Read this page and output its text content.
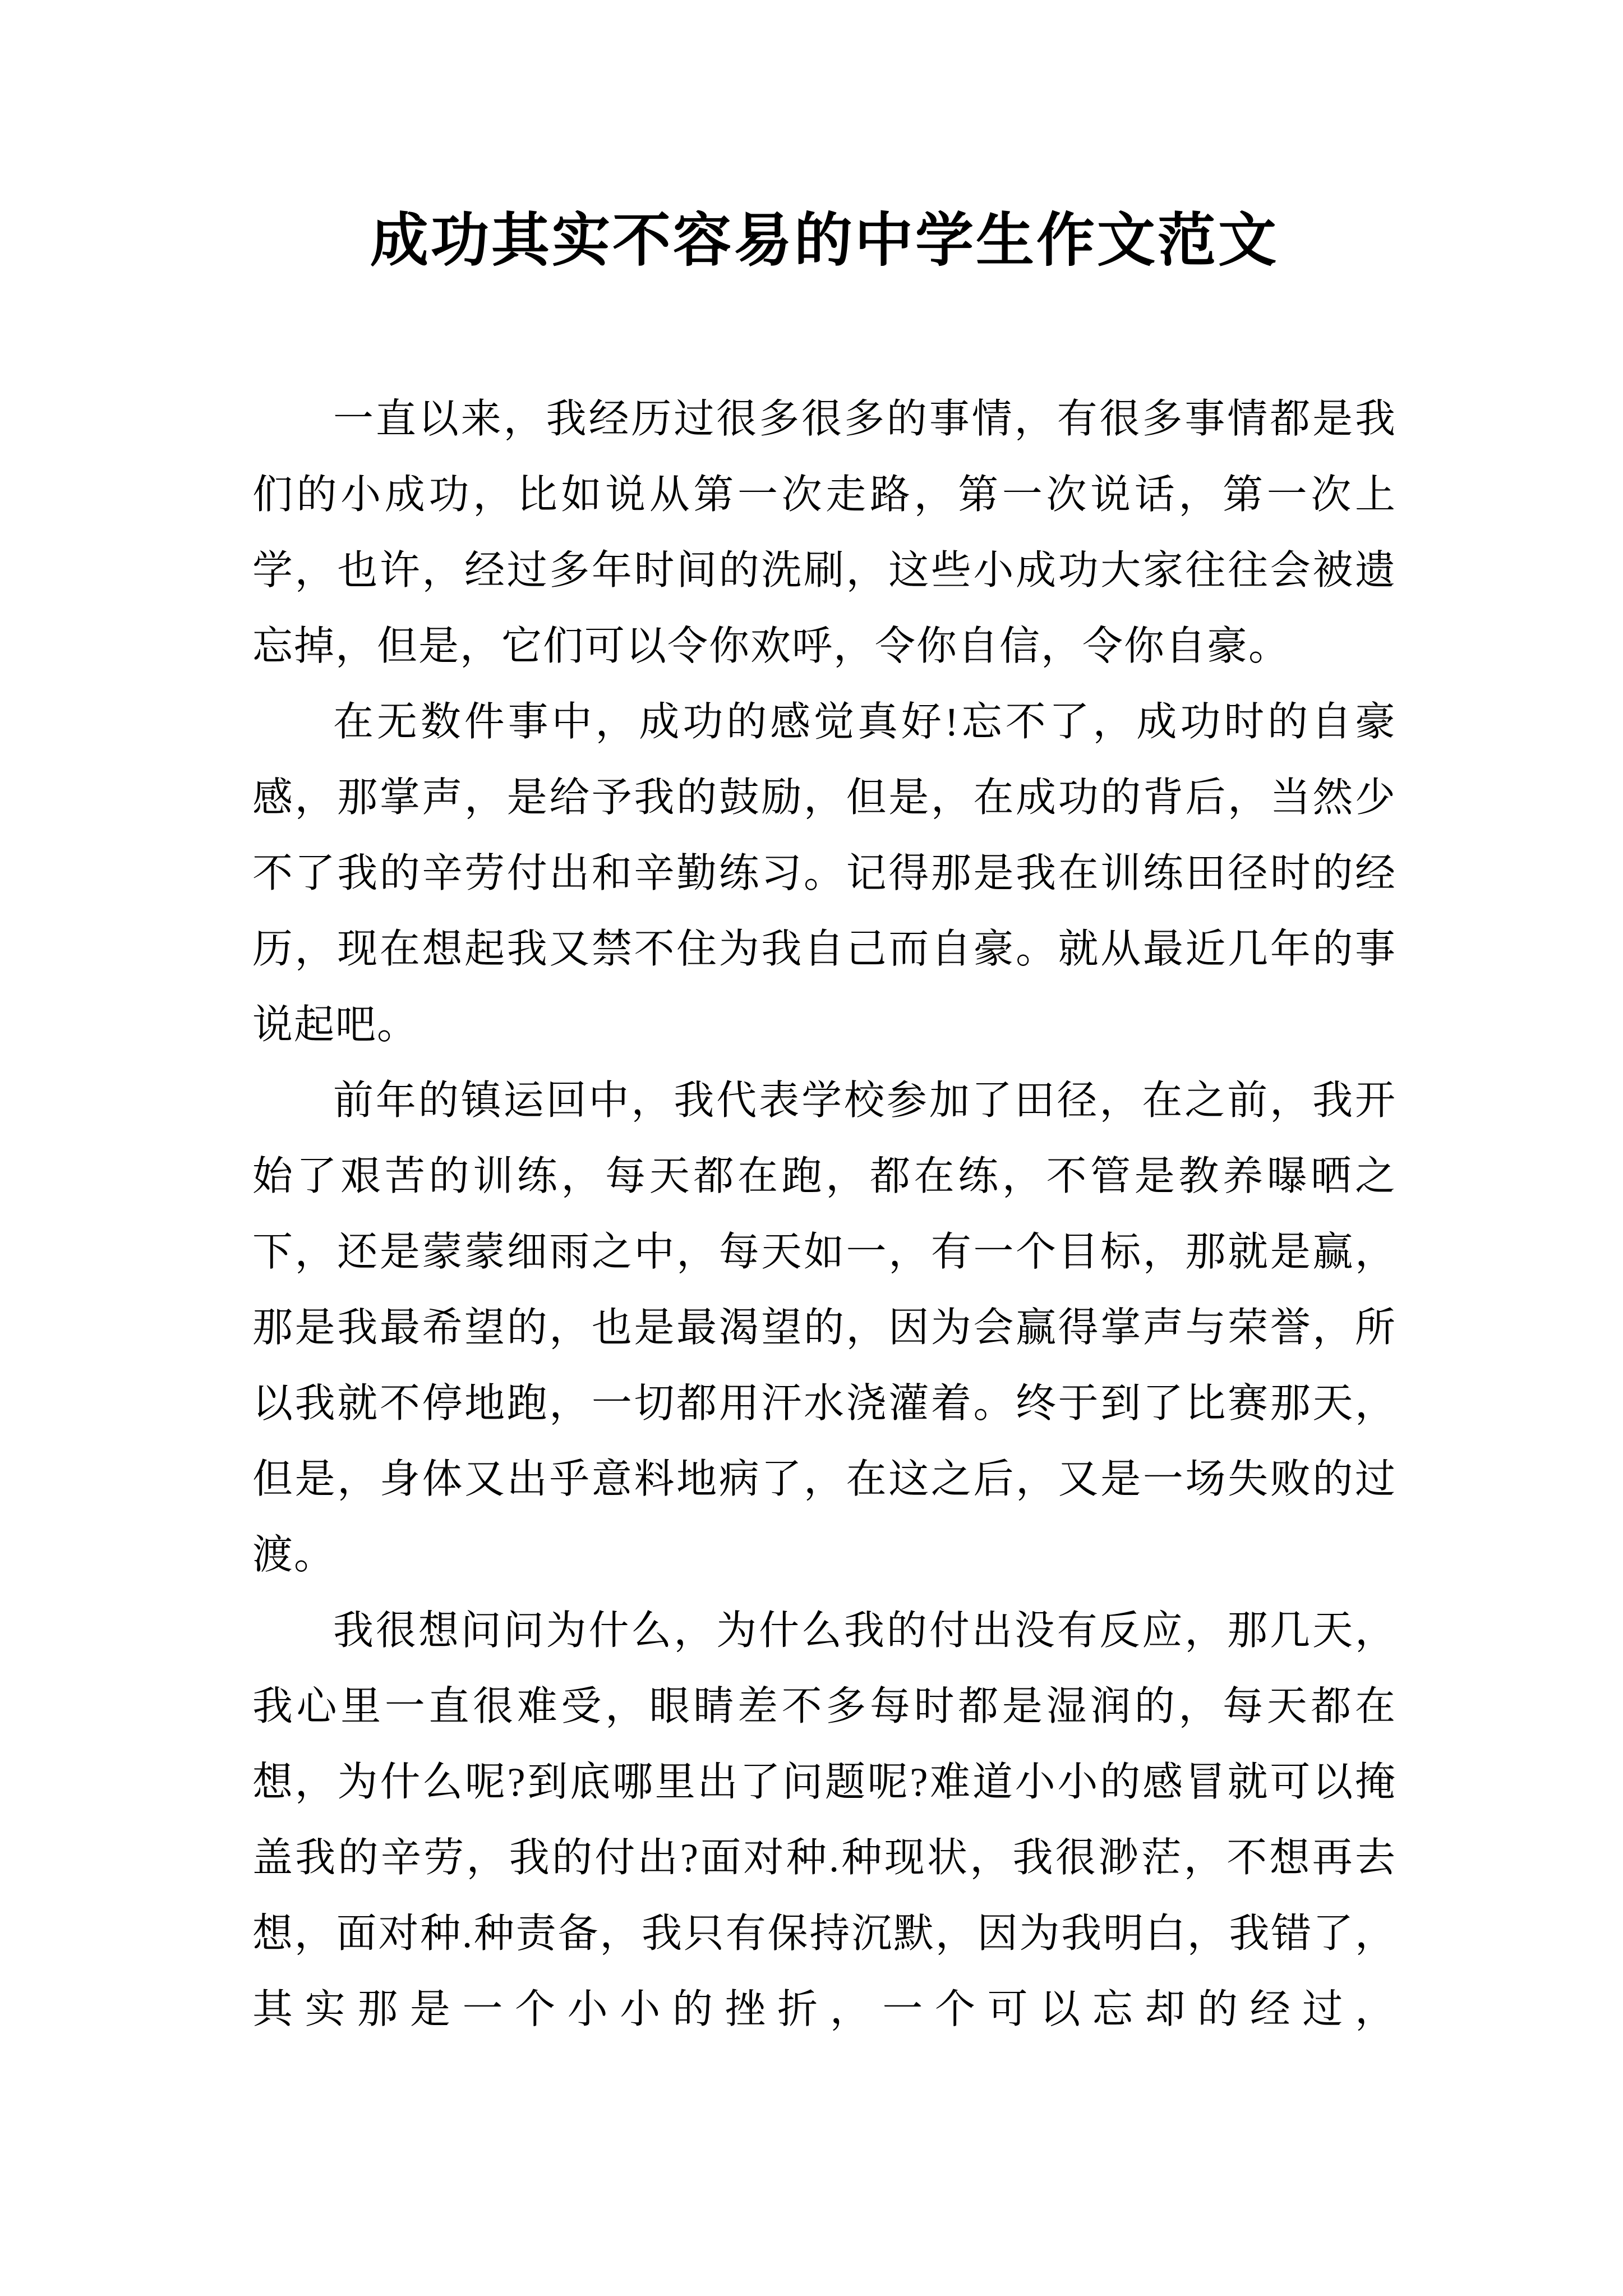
成功其实不容易的中学生作文范文

一直以来，我经历过很多很多的事情，有很多事情都是我们的小成功，比如说从第一次走路，第一次说话，第一次上学，也许，经过多年时间的洗刷，这些小成功大家往往会被遗忘掉，但是，它们可以令你欢呼，令你自信，令你自豪。

在无数件事中，成功的感觉真好!忘不了，成功时的自豪感，那掌声，是给予我的鼓励，但是，在成功的背后，当然少不了我的辛劳付出和辛勤练习。记得那是我在训练田径时的经历，现在想起我又禁不住为我自己而自豪。就从最近几年的事说起吧。

前年的镇运回中，我代表学校参加了田径，在之前，我开始了艰苦的训练，每天都在跑，都在练，不管是教养曝晒之下，还是蒙蒙细雨之中，每天如一，有一个目标，那就是赢，那是我最希望的，也是最渴望的，因为会赢得掌声与荣誉，所以我就不停地跑，一切都用汗水浇灌着。终于到了比赛那天，但是，身体又出乎意料地病了，在这之后，又是一场失败的过渡。

我很想问问为什么，为什么我的付出没有反应，那几天，我心里一直很难受，眼睛差不多每时都是湿润的，每天都在想，为什么呢?到底哪里出了问题呢?难道小小的感冒就可以掩盖我的辛劳，我的付出?面对种.种现状，我很渺茫，不想再去想，面对种.种责备，我只有保持沉默，因为我明白，我错了，其实那是一个小小的挫折，一个可以忘却的经过，
